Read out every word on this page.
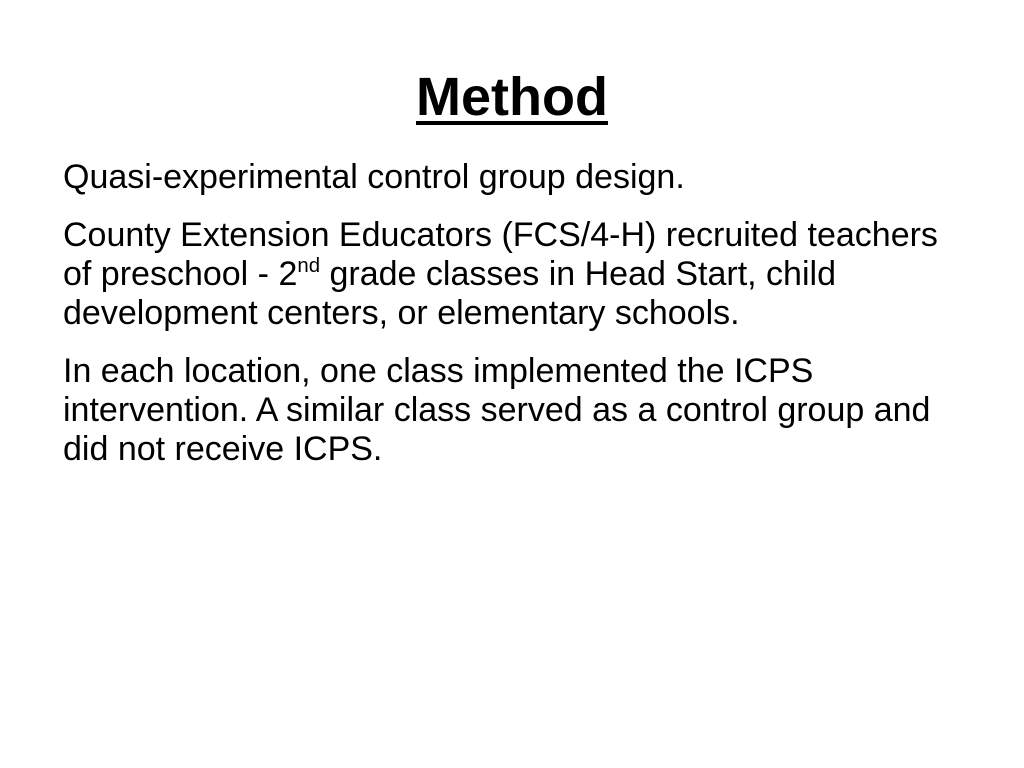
Method

Quasi-experimental control group design.

County Extension Educators (FCS/4-H) recruited teachers of preschool - 2nd grade classes in Head Start, child development centers, or elementary schools.

In each location, one class implemented the ICPS intervention. A similar class served as a control group and did not receive ICPS.
